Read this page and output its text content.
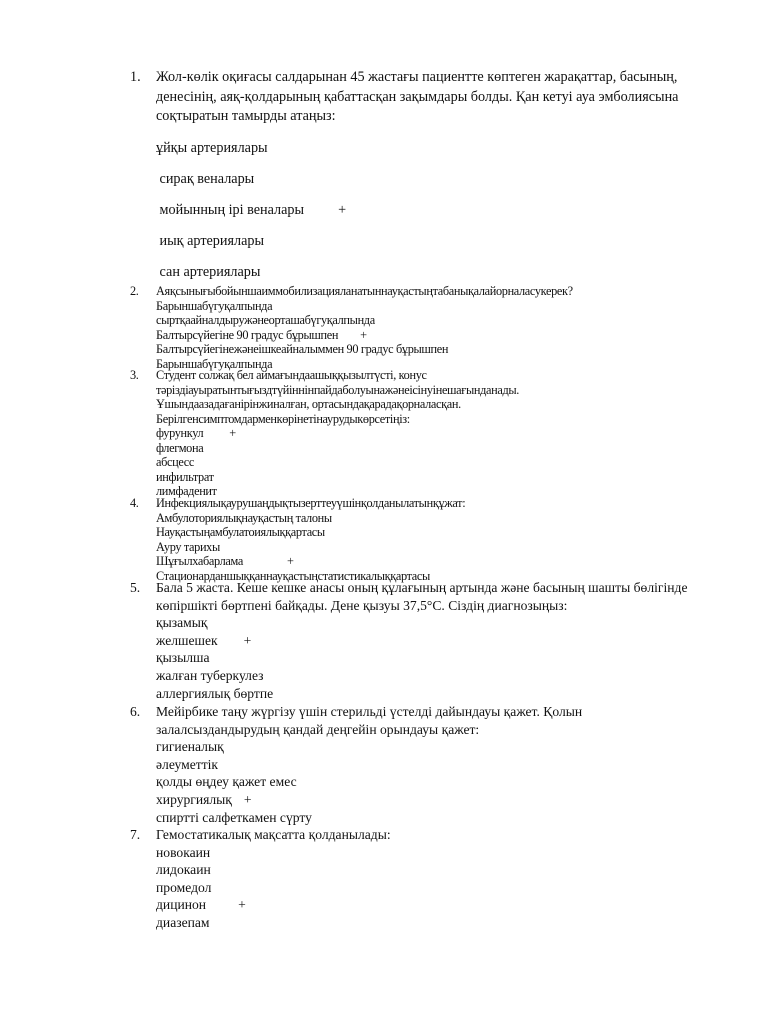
1.	Жол-көлік оқиғасы салдарынан 45 жастағы пациентте көптеген жарақаттар, басының, денесінің, аяқ-қолдарының қабаттасқан зақымдары болды. Қан кетуі ауа эмболиясына соқтыратын тамырды атаңыз:

ұйқы артериялары

сирақ веналары

мойынның ірі веналары +

иық артериялары

сан артериялары

2.	Аяқсынығыбойыншаиммобилизацияланатыннауқастыңтабанықалайорналасукерек?

Барыншабүгуқалпында

сыртқаайналдыружәнеорташабүгуқалпында

Балтырсүйегіне 90 градус бұрышпен +

Балтырсүйегінежәнеішкеайналыммен 90 градус бұрышпен

Барыншабүгуқалпында

3.	Студент солжақ бел аймағындаашыққызылтүсті, конус

тәріздіауыратынтығыздтүйіннінпайдаболуынажәнеісінуінешағынданады.

Ұшындаазадағанірінжиналған, ортасындақарадақорналасқан.

Берілгенсимптомдарменкөрінетінаурудыкөрсетіңіз:

фурункул +

флегмона

абсцесс

инфильтрат

лимфаденит

4.	Инфекциялықаурушаңдықтызерттеуүшінқолданылатынқұжат:

Амбулоториялықнауқастың талоны

Науқастыңамбулатоиялыққартасы

Ауру тарихы

Шұғылхабарлама	+

Стационарданшыққаннауқастыңстатистикалыққартасы

5.	Бала 5 жаста. Кеше кешке анасы оның құлағының артында және басының шашты бөлігінде көпіршікті бөртпені байқады. Дене қызуы 37,5°С. Сіздің диагнозыңыз:

қызамық

желшешек +

қызылша

жалған туберкулез

аллергиялық бөртпе

6.	Мейірбике таңу жүргізу үшін стерильді үстелді дайындауы қажет. Қолын залалсыздандырудың қандай деңгейін орындауы қажет:

гигиеналық

әлеуметтік

қолды өңдеу қажет емес

хирургиялық +

спиртті салфеткамен сүрту

7.	Гемостатикалық мақсатта қолданылады:

новокаин

лидокаин

промедол

дицинон +

диазепам
